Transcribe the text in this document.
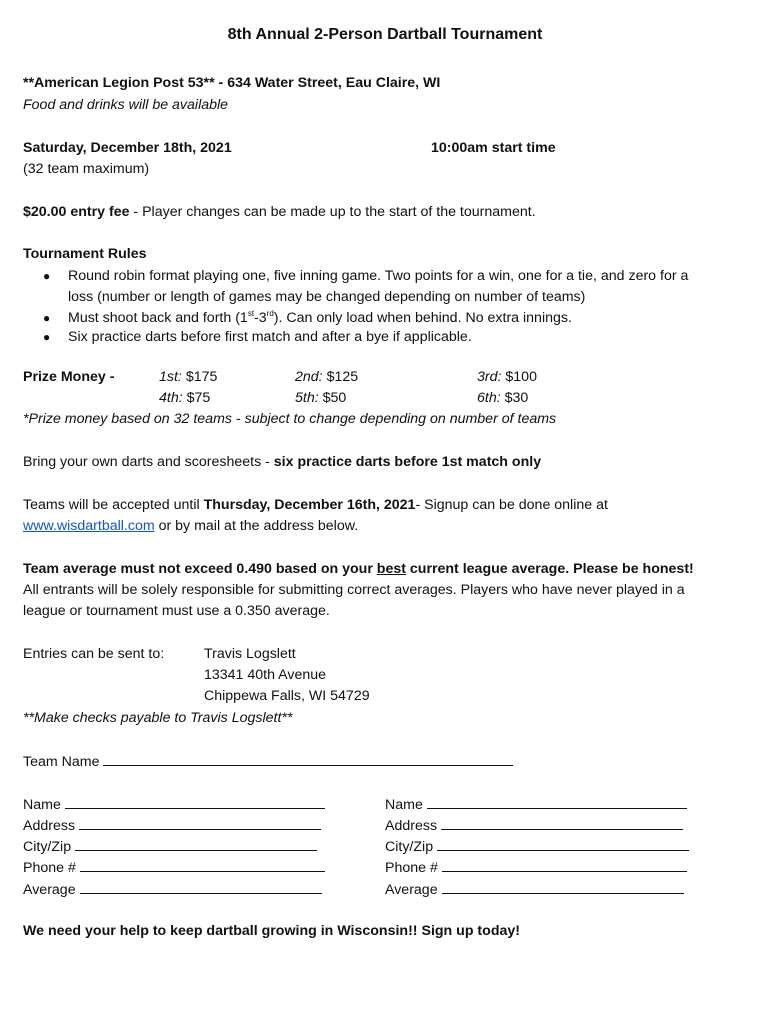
8th Annual 2-Person Dartball Tournament
**American Legion Post 53** - 634 Water Street, Eau Claire, WI
Food and drinks will be available
Saturday, December 18th, 2021	10:00am start time
(32 team maximum)
$20.00 entry fee - Player changes can be made up to the start of the tournament.
Tournament Rules
● Round robin format playing one, five inning game. Two points for a win, one for a tie, and zero for a
loss (number or length of games may be changed depending on number of teams)
● Must shoot back and forth (1st-3rd). Can only load when behind. No extra innings.
● Six practice darts before first match and after a bye if applicable.
Prize Money -	1st: $175	2nd: $125	3rd: $100
4th: $75	5th: $50	6th: $30
*Prize money based on 32 teams - subject to change depending on number of teams
Bring your own darts and scoresheets - six practice darts before 1st match only
Teams will be accepted until Thursday, December 16th, 2021- Signup can be done online at
www.wisdartball.com or by mail at the address below.
Team average must not exceed 0.490 based on your best current league average. Please be honest!
All entrants will be solely responsible for submitting correct averages. Players who have never played in a
league or tournament must use a 0.350 average.
Entries can be sent to:	Travis Logslett
13341 40th Avenue
Chippewa Falls, WI 54729
**Make checks payable to Travis Logslett**
Team Name
Name
Address
City/Zip
Phone #
Average
Name
Address
City/Zip
Phone #
Average
We need your help to keep dartball growing in Wisconsin!! Sign up today!
